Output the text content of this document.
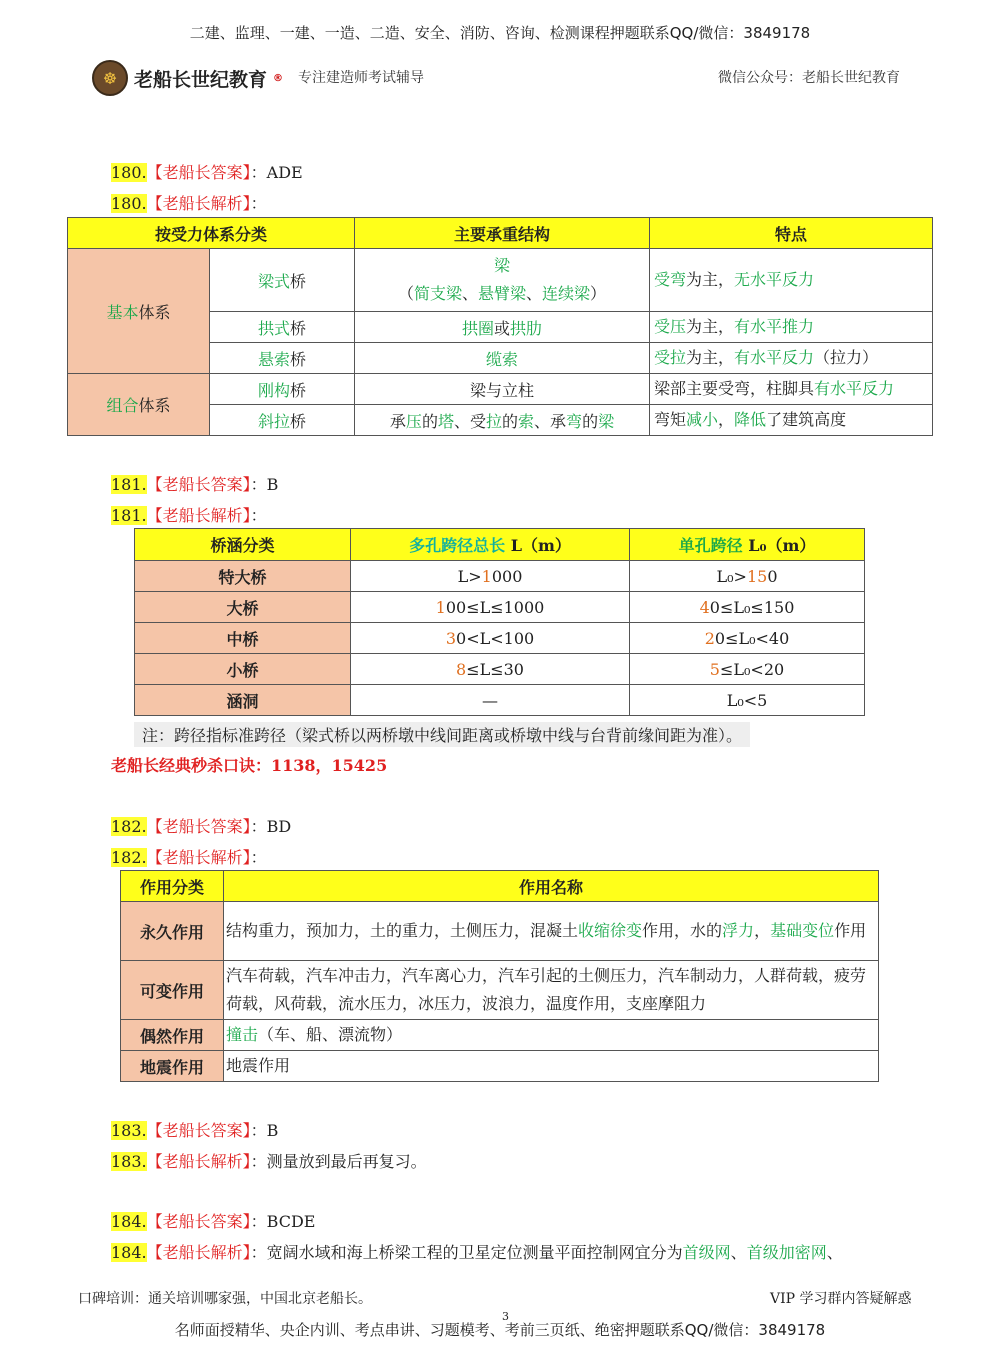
二建、监理、一建、一造、二造、安全、消防、咨询、检测课程押题联系QQ/微信：3849178
☸ 老船长世纪教育 ® 专注建造师考试辅导	微信公众号：老船长世纪教育
180.【老船长答案】：ADE
180.【老船长解析】：
按受力体系分类		主要承重结构	特点
基本体系	梁式桥	梁
（简支梁、悬臂梁、连续梁）	受弯为主，无水平反力
	拱式桥	拱圈或拱肋	受压为主，有水平推力
	悬索桥	缆索	受拉为主，有水平反力（拉力）
组合体系	刚构桥	梁与立柱	梁部主要受弯，柱脚具有水平反力
	斜拉桥	承压的塔、受拉的索、承弯的梁	弯矩减小，降低了建筑高度
181.【老船长答案】：B
181.【老船长解析】：
桥涵分类	多孔跨径总长 L（m）	单孔跨径 L₀（m）
特大桥	L>1000	L₀>150
大桥	100≤L≤1000	40≤L₀≤150
中桥	30<L<100	20≤L₀<40
小桥	8≤L≤30	5≤L₀<20
涵洞	—	L₀<5
注：跨径指标准跨径（梁式桥以两桥墩中线间距离或桥墩中线与台背前缘间距为准）。
老船长经典秒杀口诀：1138，15425
182.【老船长答案】：BD
182.【老船长解析】：
作用分类	作用名称
永久作用	结构重力，预加力，土的重力，土侧压力，混凝土收缩徐变作用，水的浮力，基础变位作用
可变作用	汽车荷载，汽车冲击力，汽车离心力，汽车引起的土侧压力，汽车制动力，人群荷载，疲劳荷载，风荷载，流水压力，冰压力，波浪力，温度作用，支座摩阻力
偶然作用	撞击（车、船、漂流物）
地震作用	地震作用
183.【老船长答案】：B
183.【老船长解析】：测量放到最后再复习。
184.【老船长答案】：BCDE
184.【老船长解析】：宽阔水域和海上桥梁工程的卫星定位测量平面控制网宜分为首级网、首级加密网、
口碑培训：通关培训哪家强，中国北京老船长。	VIP 学习群内答疑解惑
3
名师面授精华、央企内训、考点串讲、习题模考、考前三页纸、绝密押题联系QQ/微信：3849178
